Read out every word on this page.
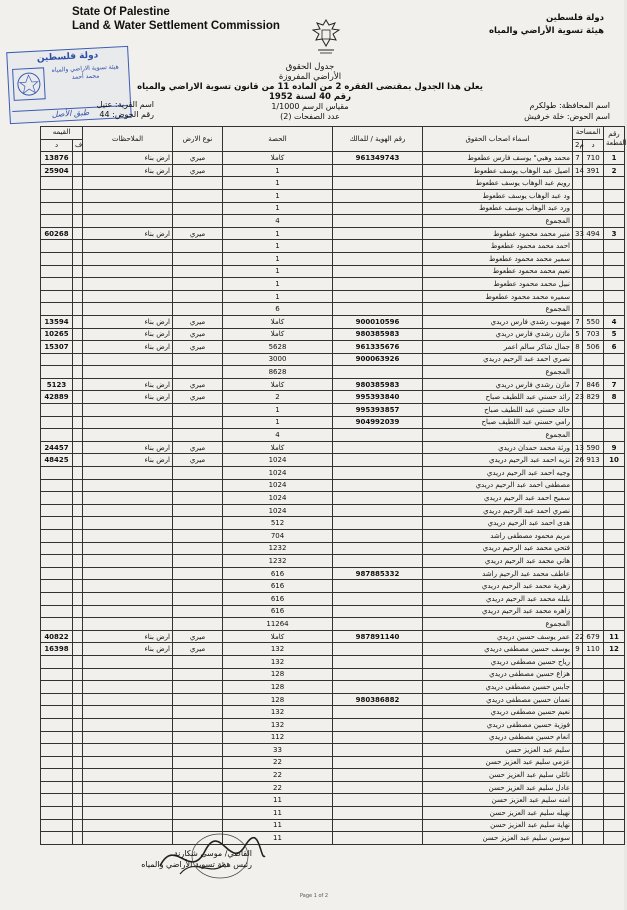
State Of Palestine
Land & Water Settlement Commission
دولة فلسطين
هيئة تسوية الأراضي والمياه
دولة فلسطين
هيئة تسوية الاراضي والمياه
محمد أحمد
طبق الأصل
جدول الحقوق
الأراضي المفروزة
يعلن هذا الجدول بمقتضى الفقره 2 من الماده 11 من قانون تسوية الاراضي والمياه رقم 40 لسنة 1952
مقياس الرسم 1/1000
عدد الصفحات (2)
اسم المحافظة: طولكرم
اسم الحوض: خلة خرفيش
اسم القرية: عتيل
رقم الحوض: 44
القيمه		الملاحظات	نوع الارض	الحصة	رقم الهوية / للمالك	اسماء اصحاب الحقوق	المساحة		رقم القطعة
د	ف						م2	د	
13876		ارض بناء	ميري	كاملا	961349743	محمد وهبي" يوسف فارس عطعوط	7	710	1
25904		ارض بناء	ميري	1		اصيل عبد الوهاب يوسف عطعوط	14	391	2
				1		رويم عبد الوهاب يوسف عطعوط			
				1		ود عبد الوهاب يوسف عطعوط			
				1		ورد عبد الوهاب يوسف عطعوط			
				4		المجموع			
60268		ارض بناء	ميري	1		منير محمد محمود عطعوط	33	494	3
				1		احمد محمد محمود عطعوط			
				1		سمير محمد محمود عطعوط			
				1		نعيم محمد محمود عطعوط			
				1		نبيل محمد محمود عطعوط			
				1		سميره محمد محمود عطعوط			
				6		المجموع			
13594		ارض بناء	ميري	كاملا	900010596	مهيوب رشدي فارس دريدي	7	550	4
10265		ارض بناء	ميري	كاملا	980385983	مازن رشدي فارس دريدي	5	703	5
15307		ارض بناء	ميري	5628	961335676	جمال شاكر سالم اعمر	8	506	6
				3000	900063926	نصري احمد عبد الرحيم دريدي			
				8628		المجموع			
5123		ارض بناء	ميري	كاملا	980385983	مازن رشدي فارس دريدي	7	846	7
42889		ارض بناء	ميري	2	995393840	رائد حسني عبد اللطيف صباح	23	829	8
				1	995393857	خالد حسني عبد اللطيف صباح			
				1	904992039	رامي حسني عبد اللطيف صباح			
				4		المجموع			
24457		ارض بناء	ميري	كاملا		ورثة محمد حمدان دريدي	13	590	9
48425		ارض بناء	ميري	1024		نزيه احمد عبد الرحيم دريدي	26	913	10
				1024		وجيه احمد عبد الرحيم دريدي			
				1024		مصطفى احمد عبد الرحيم دريدي			
				1024		سميح احمد عبد الرحيم دريدي			
				1024		نصري احمد عبد الرحيم دريدي			
				512		هدى احمد عبد الرحيم دريدي			
				704		مريم محمود مصطفى راشد			
				1232		فتحي محمد عبد الرحيم دريدي			
				1232		هاني محمد عبد الرحيم دريدي			
				616	987885332	عاطف محمد عبد الرحيم راشد			
				616		زهرية محمد عبد الرحيم دريدي			
				616		بلبله محمد عبد الرحيم دريدي			
				616		زاهره محمد عبد الرحيم دريدي			
				11264		المجموع			
40822		ارض بناء	ميري	كاملا	987891140	عمر يوسف حسين دريدي	22	679	11
16398		ارض بناء	ميري	132		يوسف حسين مصطفى دريدي	9	110	12
				132		رياح حسين مصطفى دريدي			
				128		هزاع حسين مصطفى دريدي			
				128		جابس حسين مصطفى دريدي			
				128	980386882	نعمان حسين مصطفى دريدي			
				132		نعيم حسين مصطفى دريدي			
				132		فوزية حسين مصطفى دريدي			
				112		انعام حسين مصطفى دريدي			
				33		سليم عبد العزيز حسن			
				22		عزمي سليم عبد العزيز حسن			
				22		نائلي سليم عبد العزيز حسن			
				22		عادل سليم عبد العزيز حسن			
				11		امنه سليم عبد العزيز حسن			
				11		نهيله سليم عبد العزيز حسن			
				11		نهاية سليم عبد العزيز حسن			
				11		سوسن سليم عبد العزيز حسن			
القاضي/ موسى شكارنة
رئيس هيئة تسوية الأراضي والمياه
Page 1 of 2
